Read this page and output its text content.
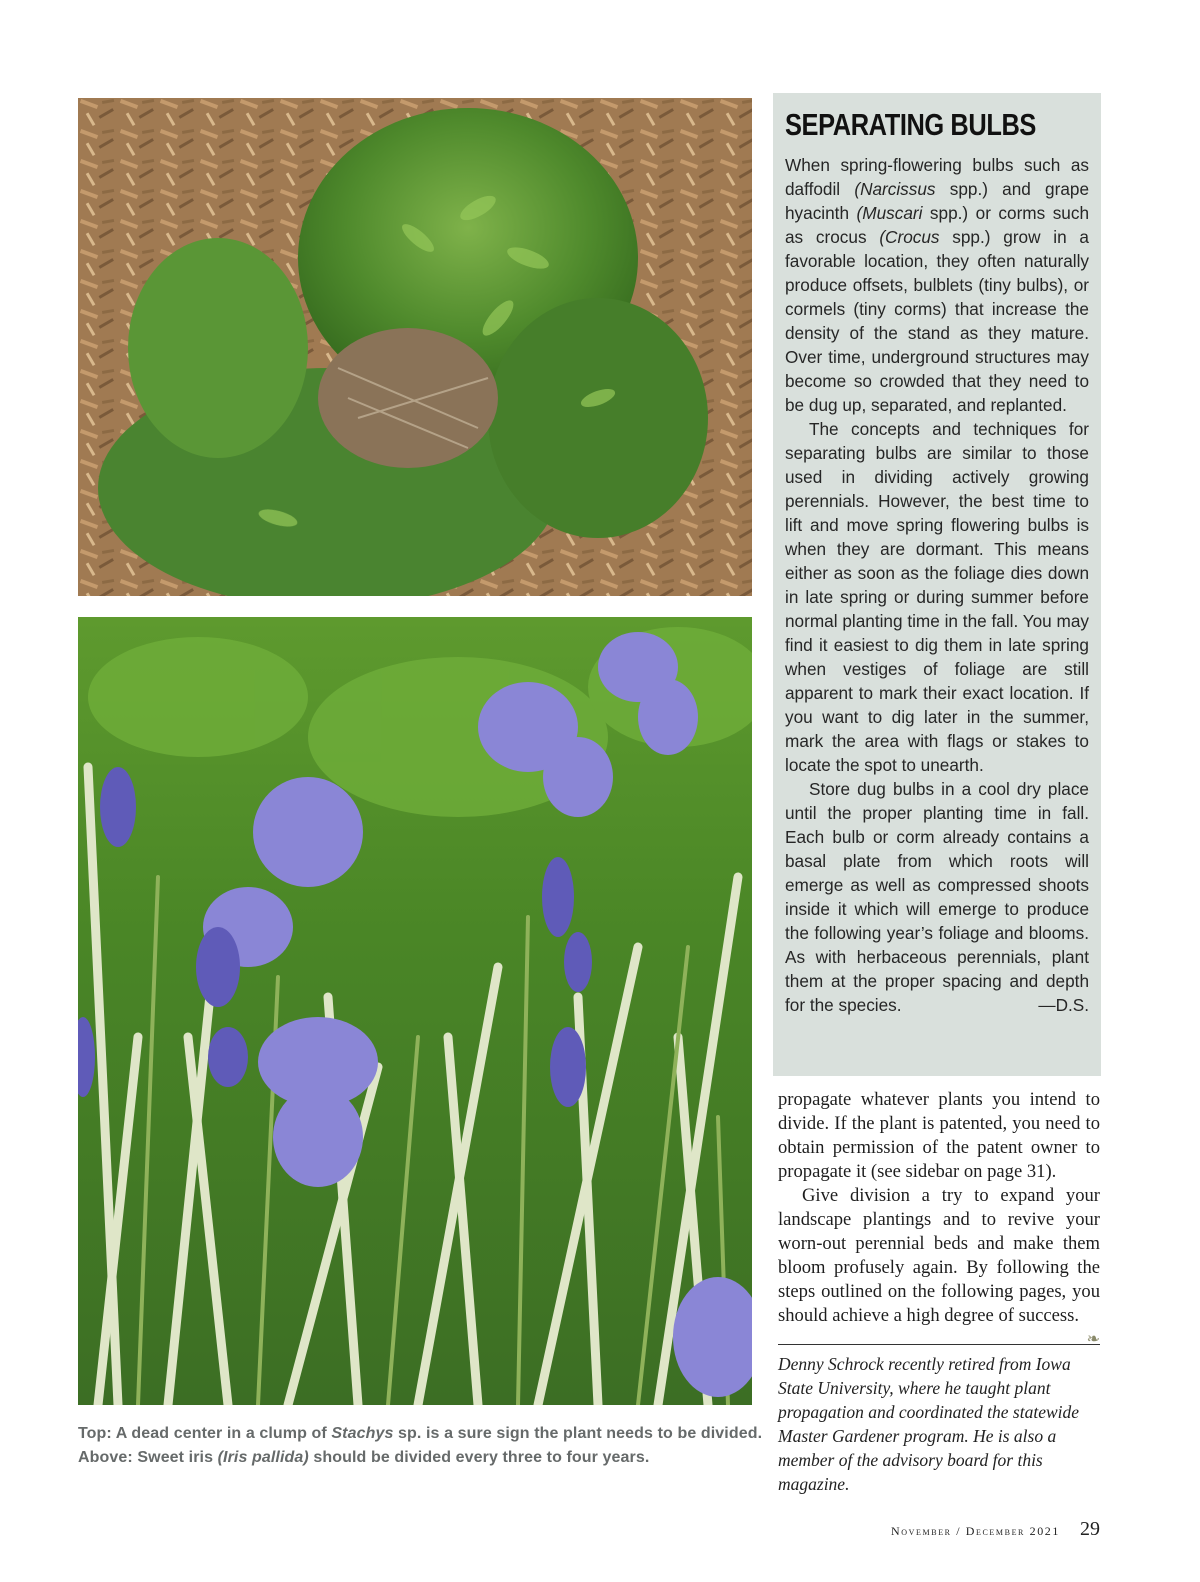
Top: A dead center in a clump of Stachys sp. is a sure sign the plant needs to be divided.
Above: Sweet iris (Iris pallida) should be divided every three to four years.
SEPARATING BULBS

When spring-flowering bulbs such as daffodil (Narcissus spp.) and grape hyacinth (Muscari spp.) or corms such as crocus (Crocus spp.) grow in a favorable location, they often naturally produce offsets, bulblets (tiny bulbs), or cormels (tiny corms) that increase the density of the stand as they mature. Over time, underground structures may become so crowded that they need to be dug up, separated, and replanted.

The concepts and techniques for separating bulbs are similar to those used in dividing actively growing perennials. However, the best time to lift and move spring flowering bulbs is when they are dormant. This means either as soon as the foliage dies down in late spring or during summer before normal planting time in the fall. You may find it easiest to dig them in late spring when vestiges of foliage are still apparent to mark their exact location. If you want to dig later in the summer, mark the area with flags or stakes to locate the spot to unearth.

Store dug bulbs in a cool dry place until the proper planting time in fall. Each bulb or corm already contains a basal plate from which roots will emerge as well as compressed shoots inside it which will emerge to produce the following year’s foliage and blooms. As with herbaceous perennials, plant them at the proper spacing and depth for the species.	—D.S.

propagate whatever plants you intend to divide. If the plant is patented, you need to obtain permission of the patent owner to propagate it (see sidebar on page 31).

Give division a try to expand your landscape plantings and to revive your worn-out perennial beds and make them bloom profusely again. By following the steps outlined on the following pages, you should achieve a high degree of success.
❧

Denny Schrock recently retired from Iowa State University, where he taught plant propagation and coordinated the statewide Master Gardener program. He is also a member of the advisory board for this magazine.
November / December 2021 29
